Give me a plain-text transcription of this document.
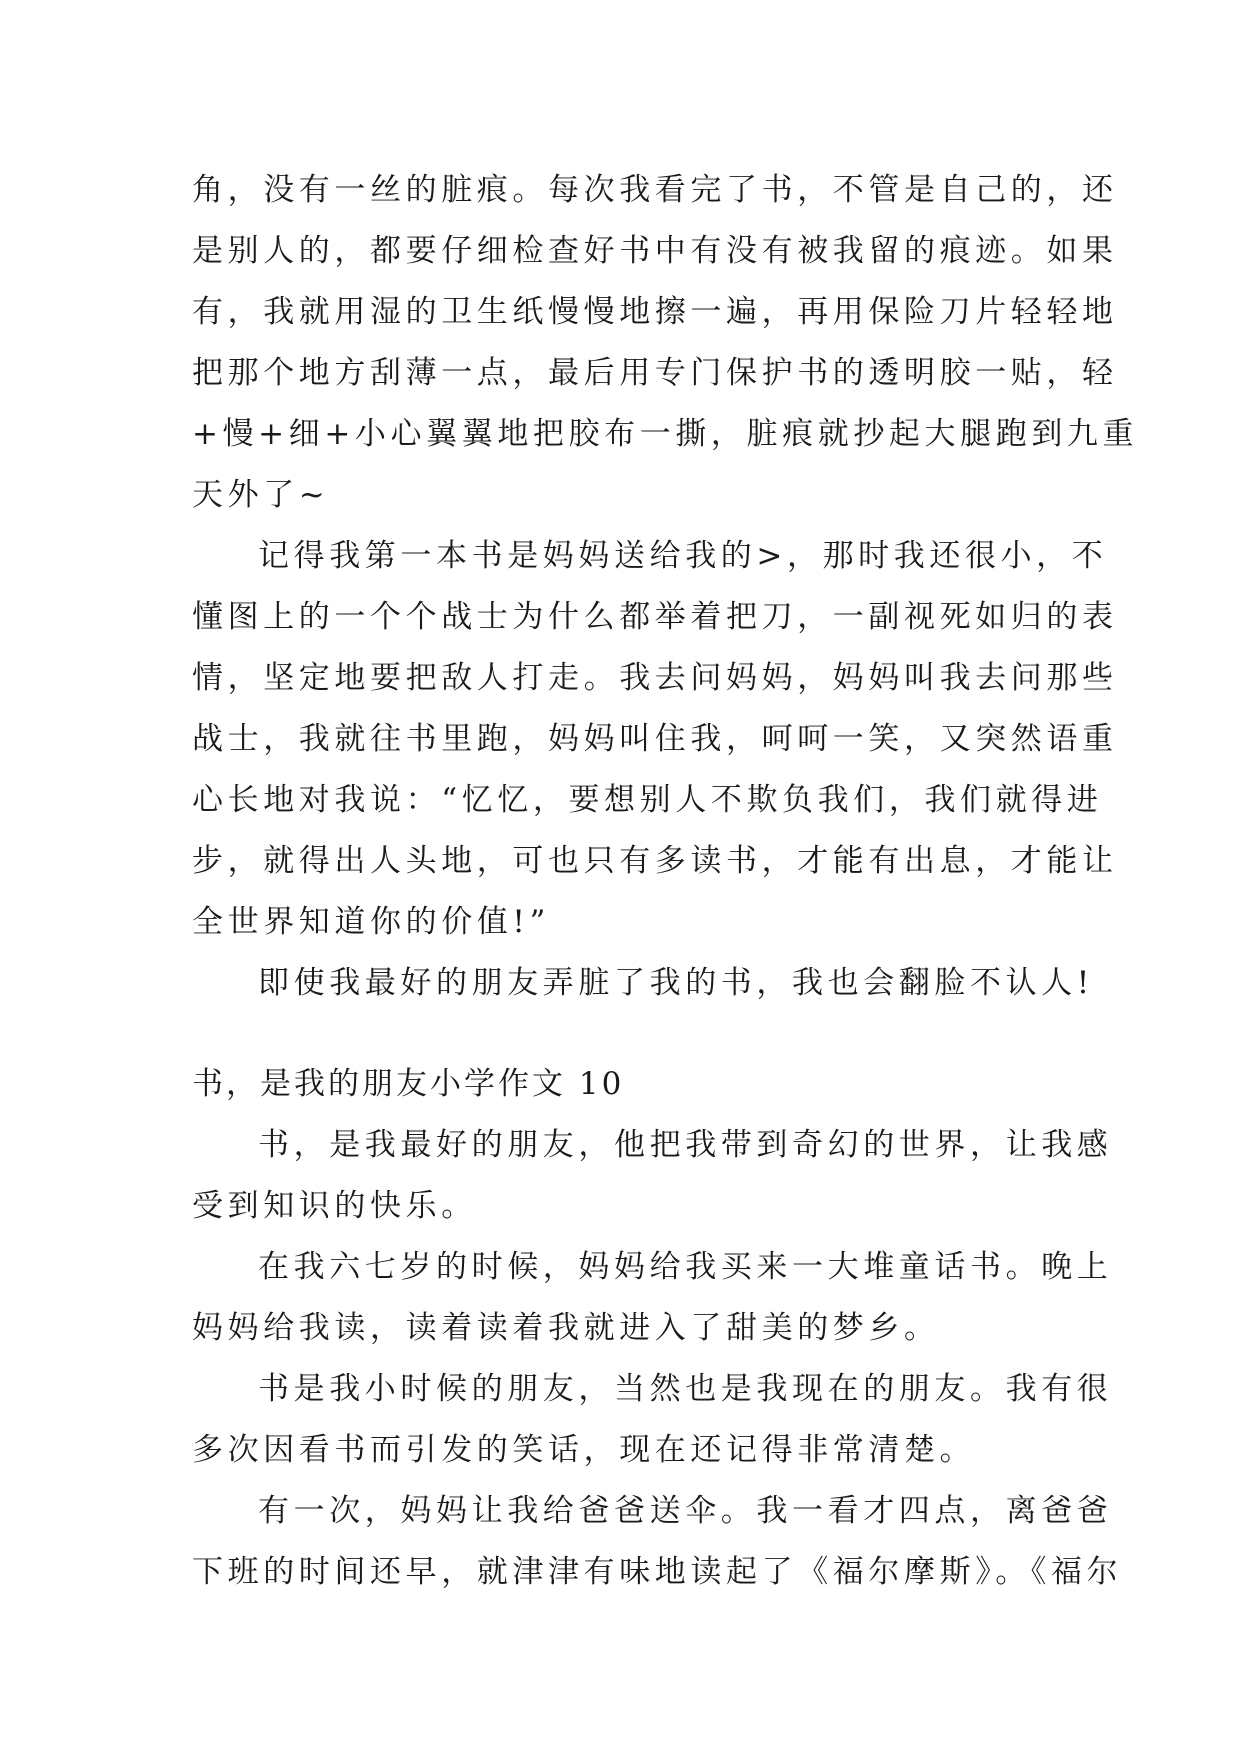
角，没有一丝的脏痕。每次我看完了书，不管是自己的，还
是别人的，都要仔细检查好书中有没有被我留的痕迹。如果
有，我就用湿的卫生纸慢慢地擦一遍，再用保险刀片轻轻地
把那个地方刮薄一点，最后用专门保护书的透明胶一贴，轻
+慢+细+小心翼翼地把胶布一撕，脏痕就抄起大腿跑到九重
天外了~
记得我第一本书是妈妈送给我的>，那时我还很小，不
懂图上的一个个战士为什么都举着把刀，一副视死如归的表
情，坚定地要把敌人打走。我去问妈妈，妈妈叫我去问那些
战士，我就往书里跑，妈妈叫住我，呵呵一笑，又突然语重
心长地对我说：“忆忆，要想别人不欺负我们，我们就得进
步，就得出人头地，可也只有多读书，才能有出息，才能让
全世界知道你的价值!”
即使我最好的朋友弄脏了我的书，我也会翻脸不认人!
书，是我的朋友小学作文 10
书，是我最好的朋友，他把我带到奇幻的世界，让我感
受到知识的快乐。
在我六七岁的时候，妈妈给我买来一大堆童话书。晚上
妈妈给我读，读着读着我就进入了甜美的梦乡。
书是我小时候的朋友，当然也是我现在的朋友。我有很
多次因看书而引发的笑话，现在还记得非常清楚。
有一次，妈妈让我给爸爸送伞。我一看才四点，离爸爸
下班的时间还早，就津津有味地读起了《福尔摩斯》。《福尔
